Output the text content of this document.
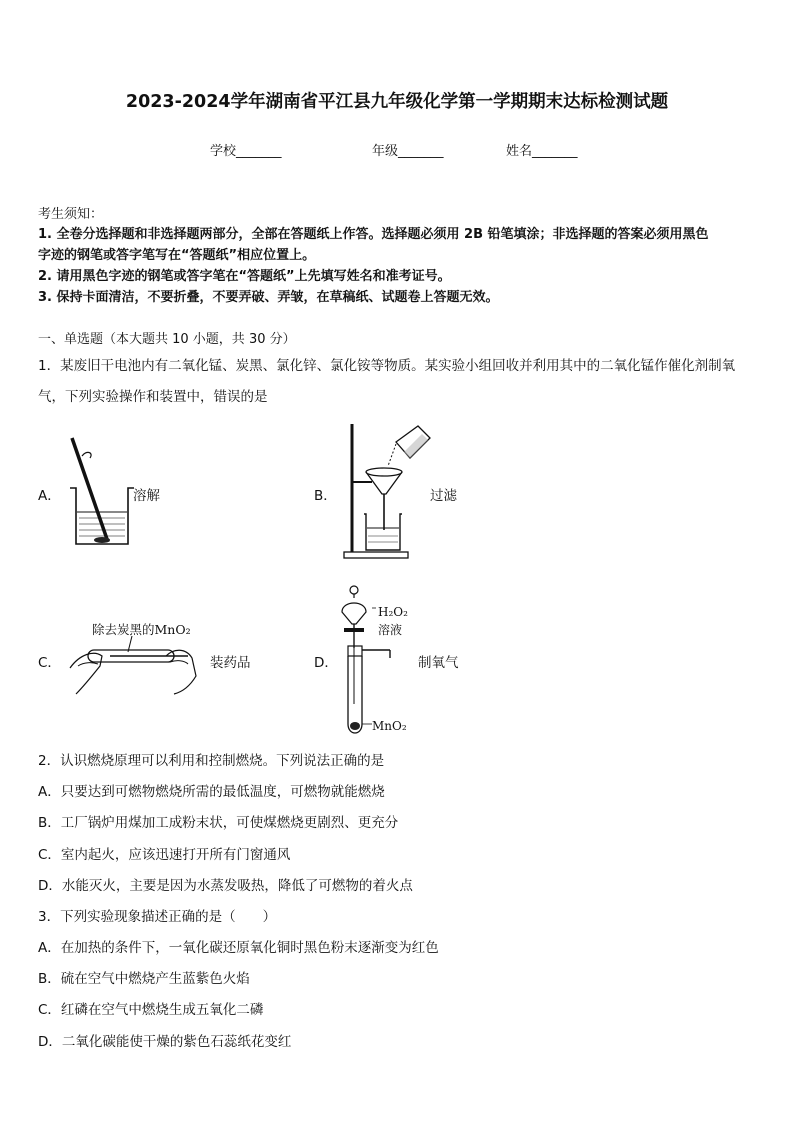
2023-2024学年湖南省平江县九年级化学第一学期期末达标检测试题
学校_______	年级_______	姓名_______
考生须知：
1. 全卷分选择题和非选择题两部分，全部在答题纸上作答。选择题必须用 2B 铅笔填涂；非选择题的答案必须用黑色
字迹的钢笔或答字笔写在“答题纸”相应位置上。
2. 请用黑色字迹的钢笔或答字笔在“答题纸”上先填写姓名和准考证号。
3. 保持卡面清洁，不要折叠，不要弄破、弄皱，在草稿纸、试题卷上答题无效。
一、单选题（本大题共 10 小题，共 30 分）
1．某废旧干电池内有二氧化锰、炭黑、氯化锌、氯化铵等物质。某实验小组回收并利用其中的二氧化锰作催化剂制氧
气，下列实验操作和装置中，错误的是
A．	溶解	B．	过滤
C．
除去炭黑的MnO₂
装药品	D．
H₂O₂
溶液
MnO₂
制氧气
2．认识燃烧原理可以利用和控制燃烧。下列说法正确的是
A．只要达到可燃物燃烧所需的最低温度，可燃物就能燃烧
B．工厂锅炉用煤加工成粉末状，可使煤燃烧更剧烈、更充分
C．室内起火，应该迅速打开所有门窗通风
D．水能灭火，主要是因为水蒸发吸热，降低了可燃物的着火点
3．下列实验现象描述正确的是（　　）
A．在加热的条件下，一氧化碳还原氧化铜时黑色粉末逐渐变为红色
B．硫在空气中燃烧产生蓝紫色火焰
C．红磷在空气中燃烧生成五氧化二磷
D．二氧化碳能使干燥的紫色石蕊纸花变红
